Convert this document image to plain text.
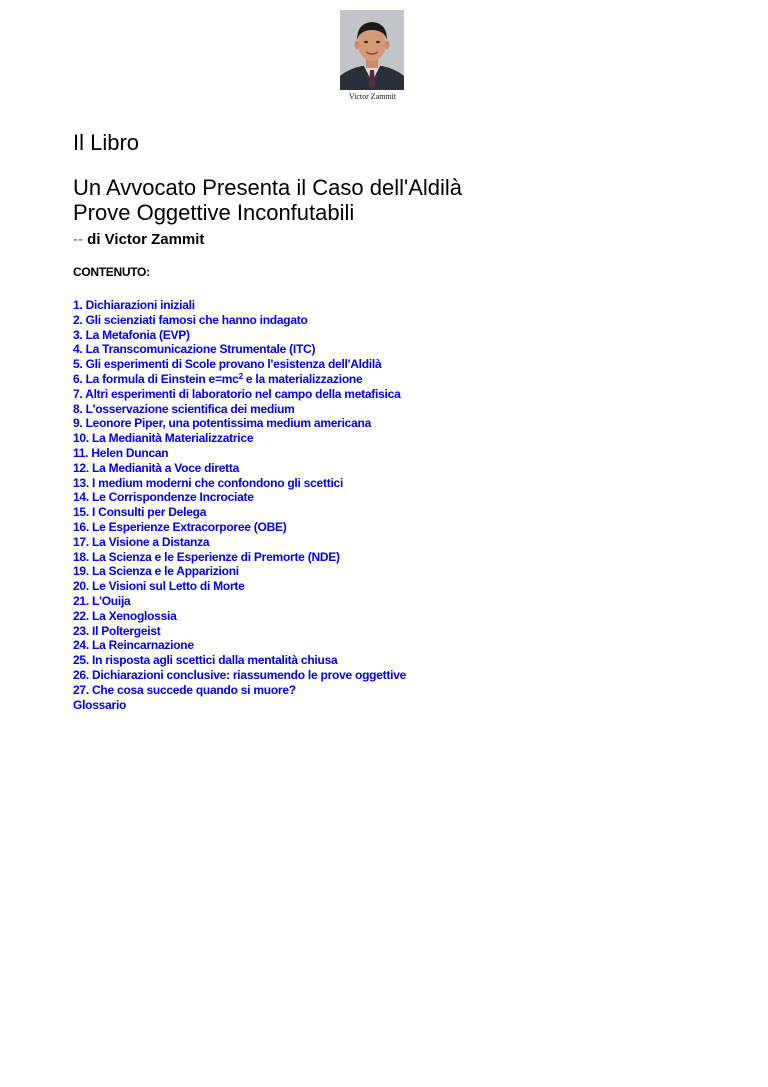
Victor Zammit
Il Libro
Un Avvocato Presenta il Caso dell'Aldilà
Prove Oggettive Inconfutabili
-- di Victor Zammit
CONTENUTO:
1. Dichiarazioni iniziali
2. Gli scienziati famosi che hanno indagato
3. La Metafonia (EVP)
4. La Transcomunicazione Strumentale (ITC)
5. Gli esperimenti di Scole provano l'esistenza dell'Aldilà
6. La formula di Einstein e=mc$^2$ e la materializzazione
7. Altri esperimenti di laboratorio nel campo della metafisica
8. L'osservazione scientifica dei medium
9. Leonore Piper, una potentissima medium americana
10. La Medianità Materializzatrice
11. Helen Duncan
12. La Medianità a Voce diretta
13. I medium moderni che confondono gli scettici
14. Le Corrispondenze Incrociate
15. I Consulti per Delega
16. Le Esperienze Extracorporee (OBE)
17. La Visione a Distanza
18. La Scienza e le Esperienze di Premorte (NDE)
19. La Scienza e le Apparizioni
20. Le Visioni sul Letto di Morte
21. L'Ouija
22. La Xenoglossia
23. Il Poltergeist
24. La Reincarnazione
25. In risposta agli scettici dalla mentalità chiusa
26. Dichiarazioni conclusive: riassumendo le prove oggettive
27. Che cosa succede quando si muore?
Glossario
